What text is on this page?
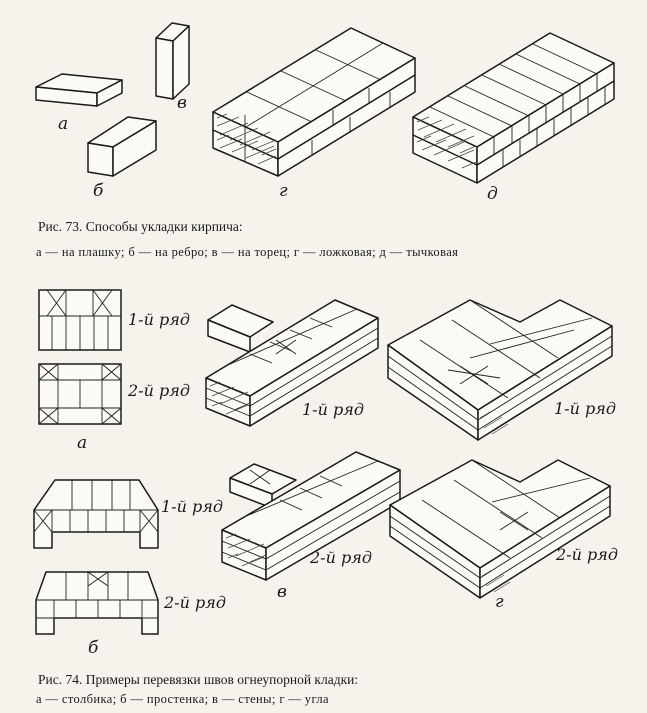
а
в
б	г	д
Рис. 73. Способы укладки кирпича:
а — на плашку; б — на ребро; в — на торец; г — ложковая; д — тычковая
1-й ряд
2-й ряд
а
1-й ряд
2-й ряд
б
1-й ряд
2-й ряд
в
1-й ряд
2-й ряд
г
Рис. 74. Примеры перевязки швов огнеупорной кладки:
а — столбика; б — простенка; в — стены; г — угла
